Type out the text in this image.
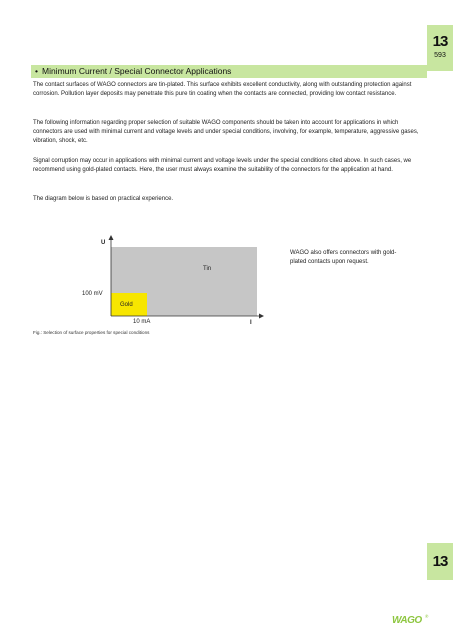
13
593
• Minimum Current / Special Connector Applications
The contact surfaces of WAGO connectors are tin-plated. This surface exhibits excellent conductivity, along with outstanding protection against corrosion. Pollution layer deposits may penetrate this pure tin coating when the contacts are connected, providing low contact resistance.
The following information regarding proper selection of suitable WAGO components should be taken into account for applications in which connectors are used with minimal current and voltage levels and under special conditions, involving, for example, temperature, aggressive gases, vibration, shock, etc.
Signal corruption may occur in applications with minimal current and voltage levels under the special conditions cited above. In such cases, we recommend using gold-plated contacts. Here, the user must always examine the suitability of the connectors for the application at hand.
The diagram below is based on practical experience.
U
I
100 mV
10 mA
Tin
Gold
WAGO also offers connectors with gold-plated contacts upon request.
Fig.: Selection of surface properties for special conditions
13
WAGO ®
